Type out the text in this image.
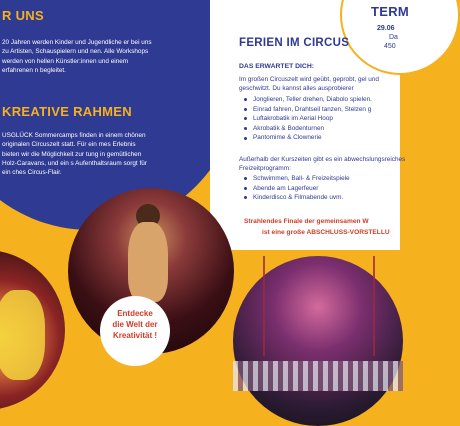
TERM
29.06
Da
450
R UNS

20 Jahren werden Kinder und Jugendliche er bei uns zu Artisten, Schauspielern und nen. Alle Workshops werden von hellen Künstler:innen und einem erfahrenen n begleitet.

KREATIVE RAHMEN

USGLÜCK Sommercamps finden in einem chönen originalen Circuszelt statt. Für ein mes Erlebnis bieten wir die Möglichkeit zur tung in gemütlichen Holz-Caravans, und ein s Aufenthaltsraum sorgt für ein ches Circus-Flair.

FERIEN IM CIRCUS
DAS ERWARTET DICH:

Im großen Circuszelt wird geübt, geprobt, gel und geschwitzt. Du kannst alles ausprobierer

Jonglieren, Teller drehen, Diabolo spielen.
Einrad fahren, Drahtseil tanzen, Stelzen g
Luftakrobatik im Aerial Hoop
Akrobatik & Bodenturnen
Pantomime & Clownerie

Außerhalb der Kurszeiten gibt es ein abwechslungsreiches Freizeitprogramm:

Schwimmen, Ball- & Freizeitspiele
Abende am Lagerfeuer
Kinderdisco & Filmabende uvm.
Strahlendes Finale der gemeinsamen W
ist eine große ABSCHLUSS-VORSTELLU

Entdecke
die Welt der
Kreativität !
